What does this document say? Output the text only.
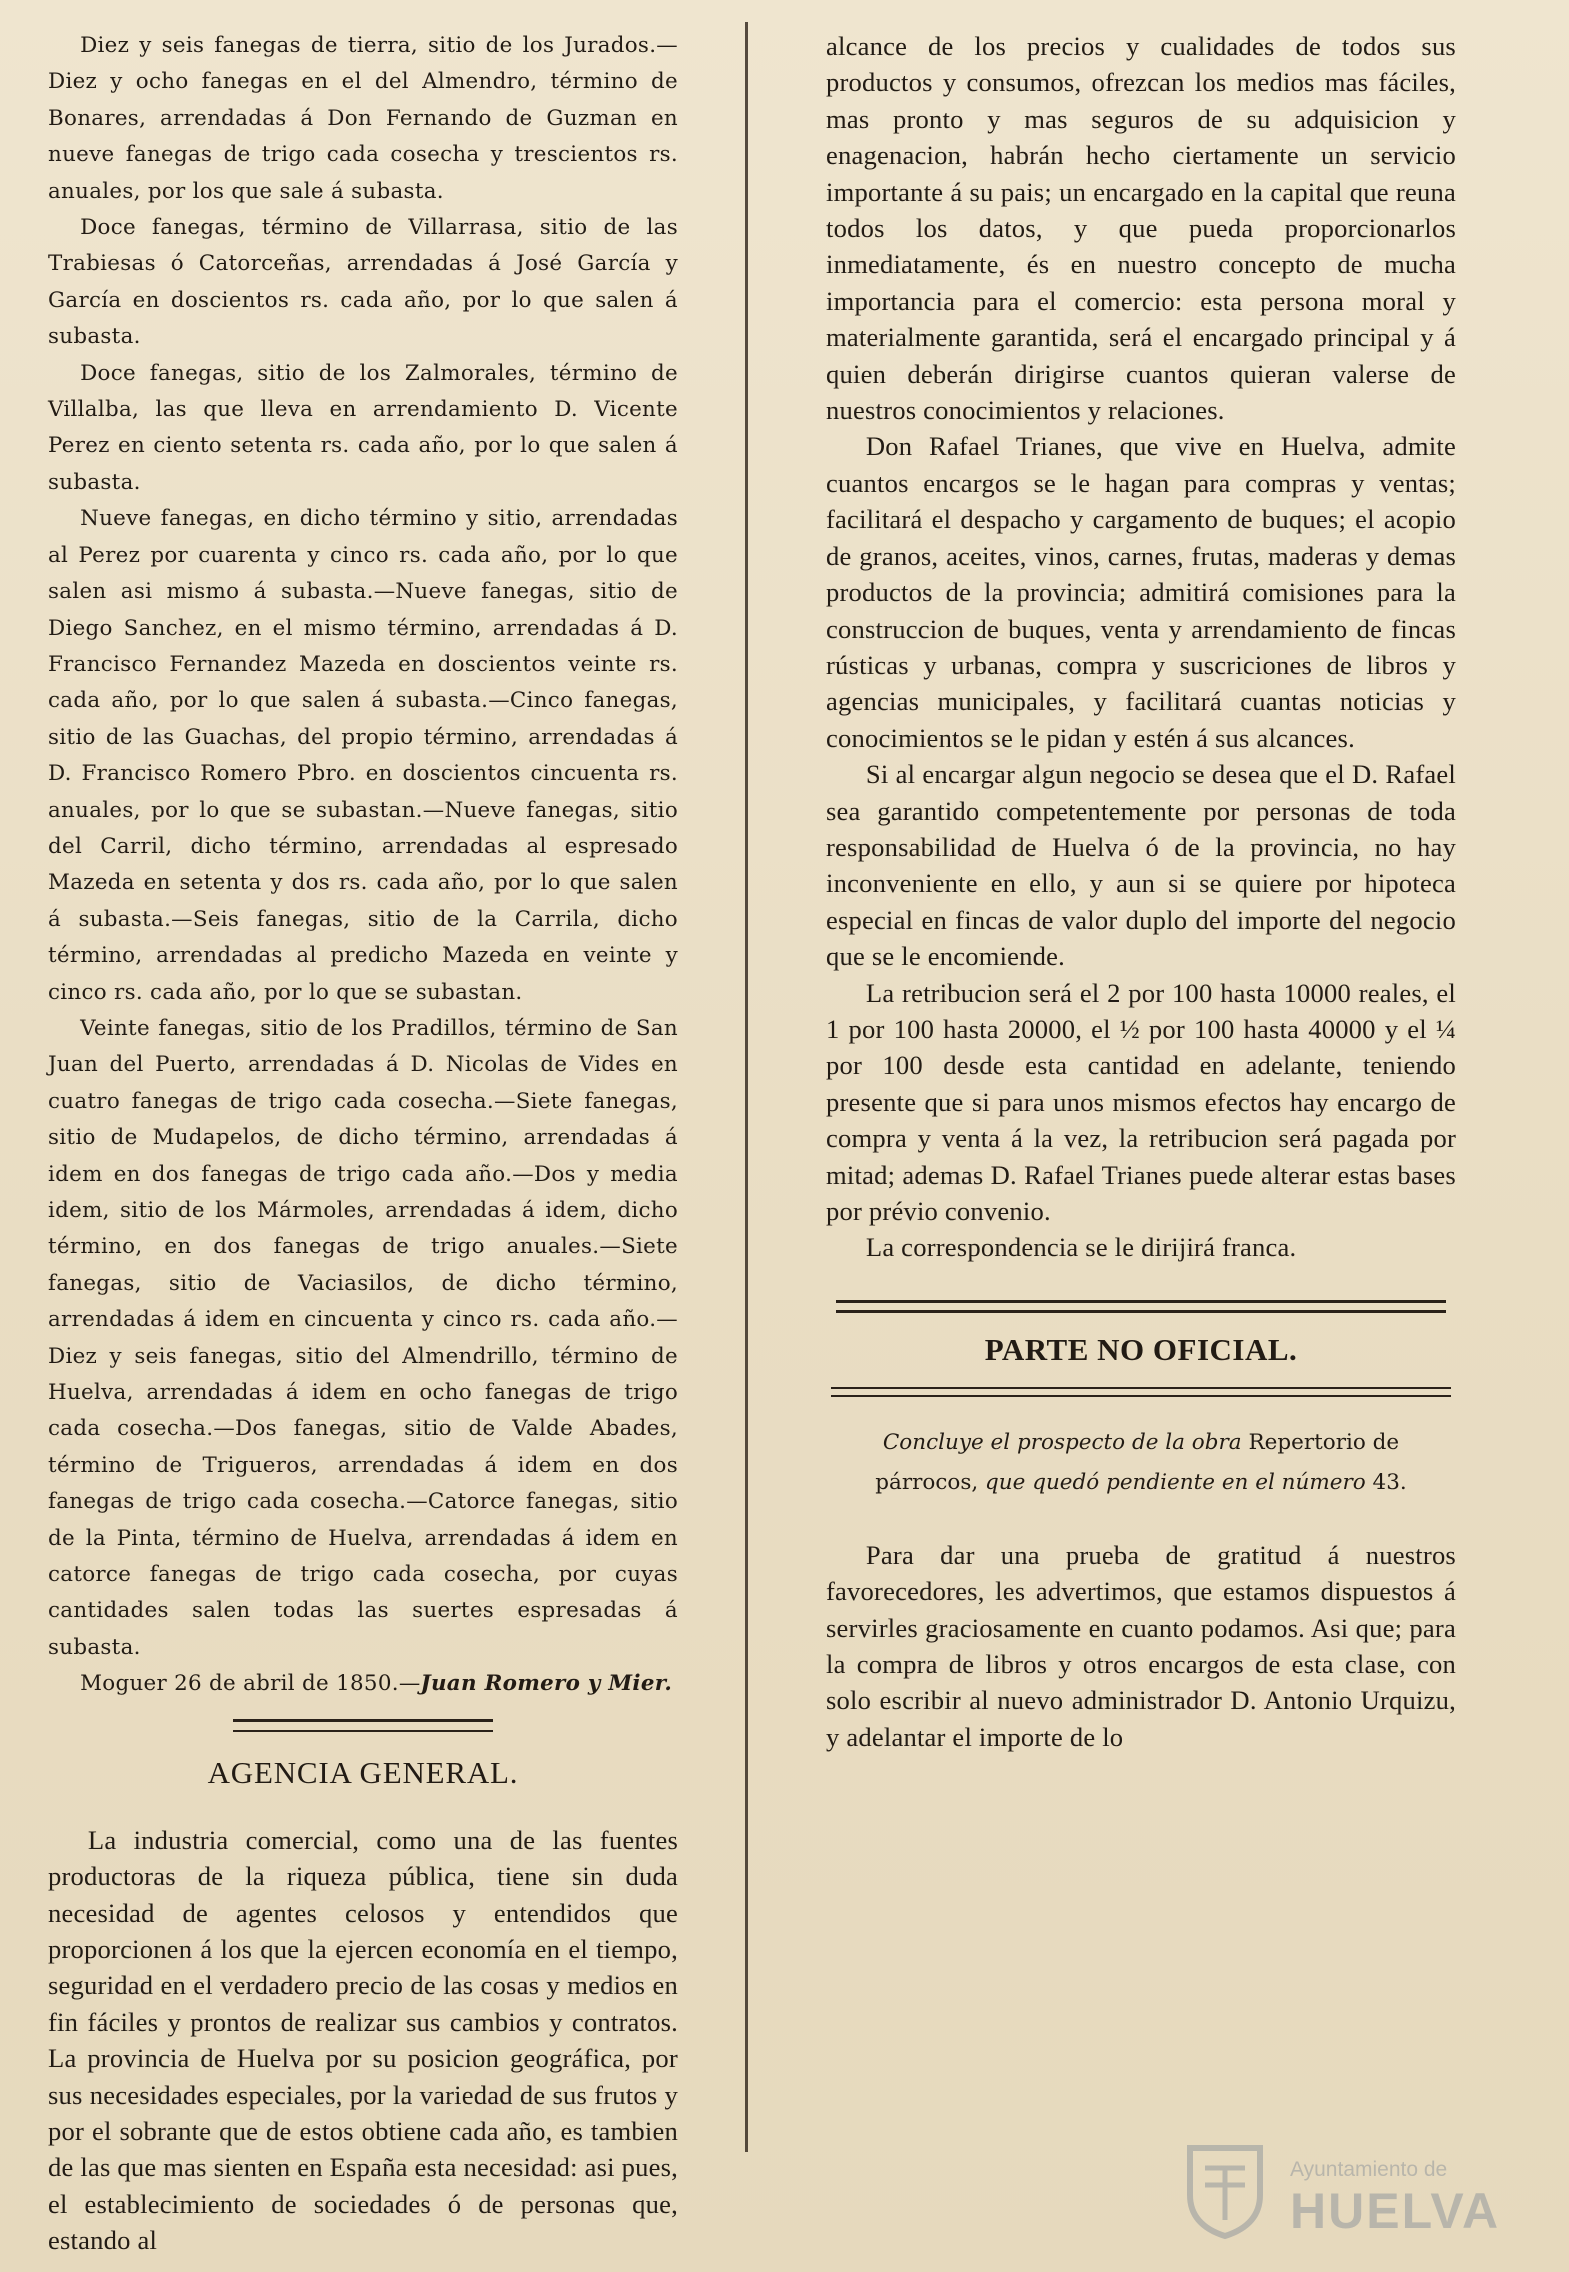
Diez y seis fanegas de tierra, sitio de los Jurados.—Diez y ocho fanegas en el del Almendro, término de Bonares, arrendadas á Don Fernando de Guzman en nueve fanegas de trigo cada cosecha y trescientos rs. anuales, por los que sale á subasta.

Doce fanegas, término de Villarrasa, sitio de las Trabiesas ó Catorceñas, arrendadas á José García y García en doscientos rs. cada año, por lo que salen á subasta.

Doce fanegas, sitio de los Zalmorales, término de Villalba, las que lleva en arrendamiento D. Vicente Perez en ciento setenta rs. cada año, por lo que salen á subasta.

Nueve fanegas, en dicho término y sitio, arrendadas al Perez por cuarenta y cinco rs. cada año, por lo que salen asi mismo á subasta.—Nueve fanegas, sitio de Diego Sanchez, en el mismo término, arrendadas á D. Francisco Fernandez Mazeda en doscientos veinte rs. cada año, por lo que salen á subasta.—Cinco fanegas, sitio de las Guachas, del propio término, arrendadas á D. Francisco Romero Pbro. en doscientos cincuenta rs. anuales, por lo que se subastan.—Nueve fanegas, sitio del Carril, dicho término, arrendadas al espresado Mazeda en setenta y dos rs. cada año, por lo que salen á subasta.—Seis fanegas, sitio de la Carrila, dicho término, arrendadas al predicho Mazeda en veinte y cinco rs. cada año, por lo que se subastan.

Veinte fanegas, sitio de los Pradillos, término de San Juan del Puerto, arrendadas á D. Nicolas de Vides en cuatro fanegas de trigo cada cosecha.—Siete fanegas, sitio de Mudapelos, de dicho término, arrendadas á idem en dos fanegas de trigo cada año.—Dos y media idem, sitio de los Mármoles, arrendadas á idem, dicho término, en dos fanegas de trigo anuales.—Siete fanegas, sitio de Vaciasilos, de dicho término, arrendadas á idem en cincuenta y cinco rs. cada año.—Diez y seis fanegas, sitio del Almendrillo, término de Huelva, arrendadas á idem en ocho fanegas de trigo cada cosecha.—Dos fanegas, sitio de Valde Abades, término de Trigueros, arrendadas á idem en dos fanegas de trigo cada cosecha.—Catorce fanegas, sitio de la Pinta, término de Huelva, arrendadas á idem en catorce fanegas de trigo cada cosecha, por cuyas cantidades salen todas las suertes espresadas á subasta.

Moguer 26 de abril de 1850.—Juan Romero y Mier.

AGENCIA GENERAL.

La industria comercial, como una de las fuentes productoras de la riqueza pública, tiene sin duda necesidad de agentes celosos y entendidos que proporcionen á los que la ejercen economía en el tiempo, seguridad en el verdadero precio de las cosas y medios en fin fáciles y prontos de realizar sus cambios y contratos. La provincia de Huelva por su posicion geográfica, por sus necesidades especiales, por la variedad de sus frutos y por el sobrante que de estos obtiene cada año, es tambien de las que mas sienten en España esta necesidad: asi pues, el establecimiento de sociedades ó de personas que, estando al

alcance de los precios y cualidades de todos sus productos y consumos, ofrezcan los medios mas fáciles, mas pronto y mas seguros de su adquisicion y enagenacion, habrán hecho ciertamente un servicio importante á su pais; un encargado en la capital que reuna todos los datos, y que pueda proporcionarlos inmediatamente, és en nuestro concepto de mucha importancia para el comercio: esta persona moral y materialmente garantida, será el encargado principal y á quien deberán dirigirse cuantos quieran valerse de nuestros conocimientos y relaciones.

Don Rafael Trianes, que vive en Huelva, admite cuantos encargos se le hagan para compras y ventas; facilitará el despacho y cargamento de buques; el acopio de granos, aceites, vinos, carnes, frutas, maderas y demas productos de la provincia; admitirá comisiones para la construccion de buques, venta y arrendamiento de fincas rústicas y urbanas, compra y suscriciones de libros y agencias municipales, y facilitará cuantas noticias y conocimientos se le pidan y estén á sus alcances.

Si al encargar algun negocio se desea que el D. Rafael sea garantido competentemente por personas de toda responsabilidad de Huelva ó de la provincia, no hay inconveniente en ello, y aun si se quiere por hipoteca especial en fincas de valor duplo del importe del negocio que se le encomiende.

La retribucion será el 2 por 100 hasta 10000 reales, el 1 por 100 hasta 20000, el ½ por 100 hasta 40000 y el ¼ por 100 desde esta cantidad en adelante, teniendo presente que si para unos mismos efectos hay encargo de compra y venta á la vez, la retribucion será pagada por mitad; ademas D. Rafael Trianes puede alterar estas bases por prévio convenio.

La correspondencia se le dirijirá franca.

PARTE NO OFICIAL.
Concluye el prospecto de la obra Repertorio de párrocos, que quedó pendiente en el número 43.

Para dar una prueba de gratitud á nuestros favorecedores, les advertimos, que estamos dispuestos á servirles graciosamente en cuanto podamos. Asi que; para la compra de libros y otros encargos de esta clase, con solo escribir al nuevo administrador D. Antonio Urquizu, y adelantar el importe de lo

Ayuntamiento de
HUELVA
